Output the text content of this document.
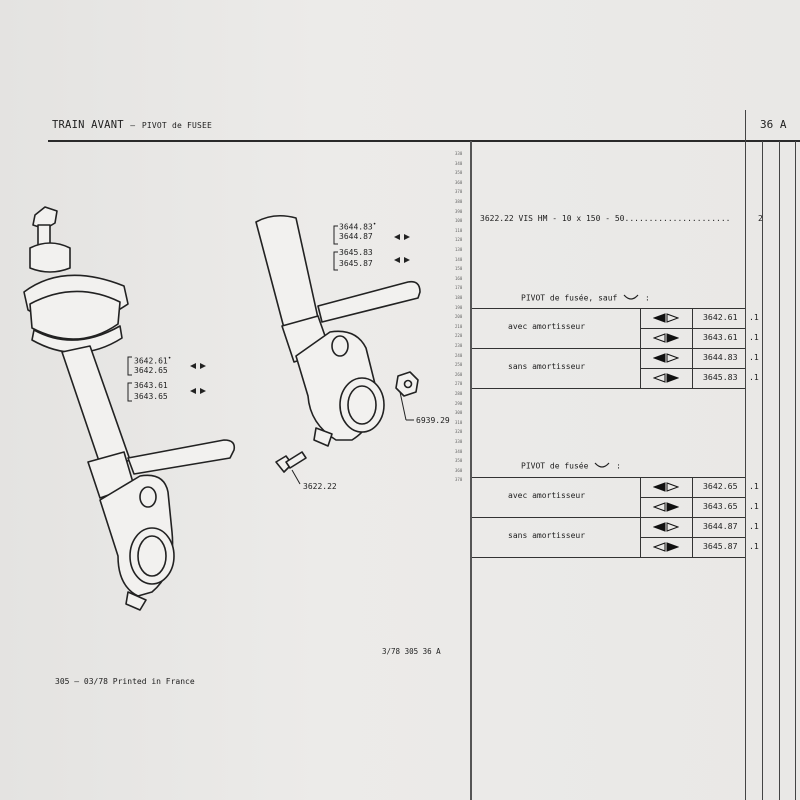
TRAIN AVANT – PIVOT de FUSEE	36 A
330
340
350
360
370
380
390
100
110
120
130
140
150
160
170
180
190
200
210
220
230
240
250
260
270
280
290
300
310
320
330
340
350
360
370
3622.22 VIS HM - 10 x 150 - 50......................	2
PIVOT de fusée, sauf	:
avec amortisseur
3642.61 .1
3643.61 .1
sans amortisseur
3644.83 .1
3645.83 .1
PIVOT de fusée	:
avec amortisseur
3642.65 .1
3643.65 .1
sans amortisseur
3644.87 .1
3645.87 .1
3644.83•
3644.87
3645.83
3645.87
3642.61•
3642.65
3643.61
3643.65
6939.29
3622.22
3/78 305 36 A
305 – 03/78 Printed in France
